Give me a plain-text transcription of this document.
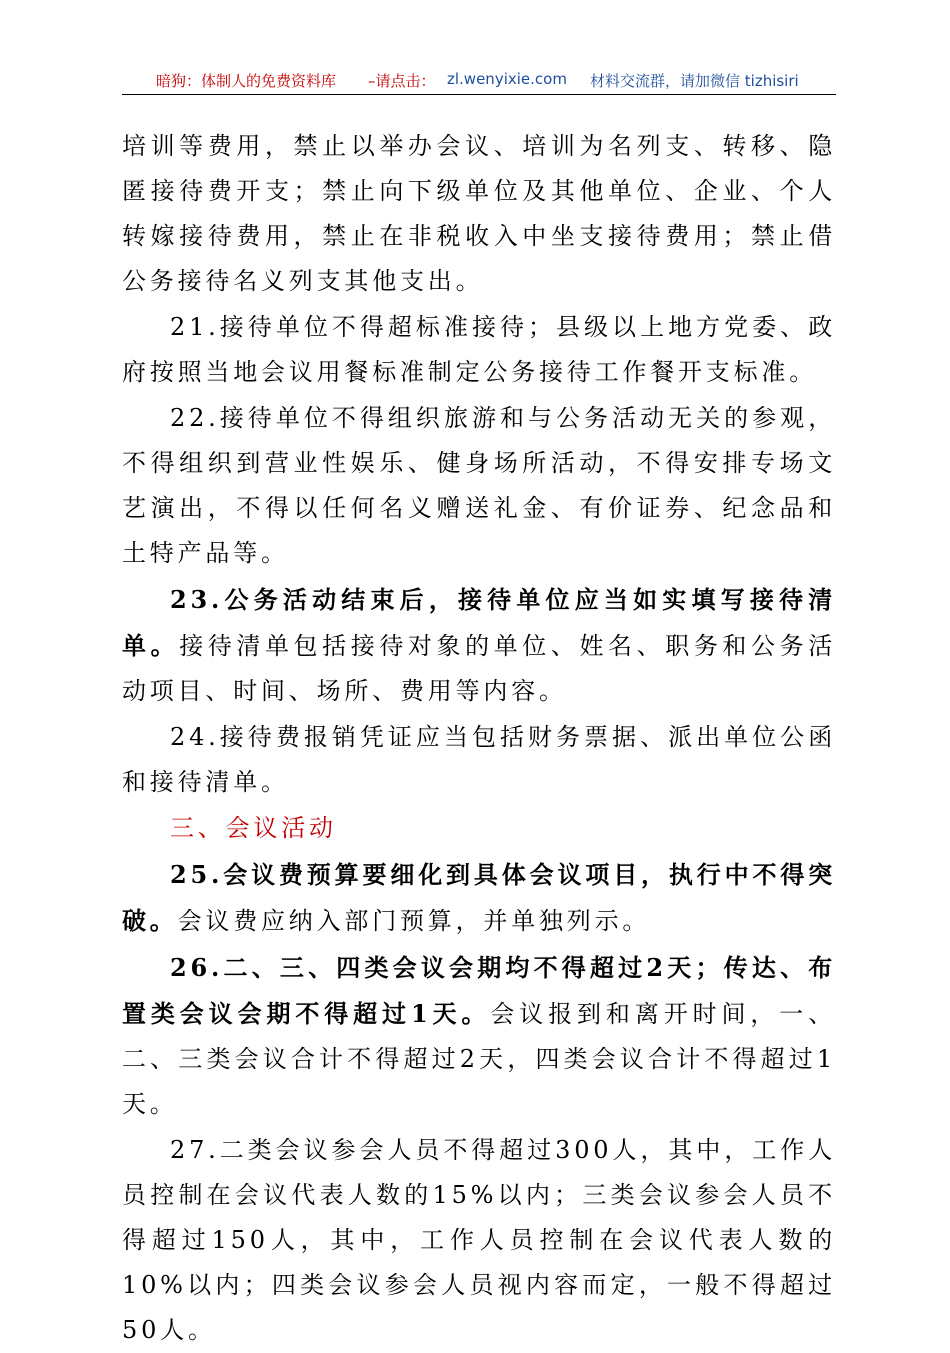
暗狗：体制人的免费资料库 –请点击： zl.wenyixie.com 材料交流群，请加微信 tizhisiri

培训等费用，禁止以举办会议、培训为名列支、转移、隐匿接待费开支；禁止向下级单位及其他单位、企业、个人转嫁接待费用，禁止在非税收入中坐支接待费用；禁止借公务接待名义列支其他支出。

21.接待单位不得超标准接待；县级以上地方党委、政府按照当地会议用餐标准制定公务接待工作餐开支标准。

22.接待单位不得组织旅游和与公务活动无关的参观，不得组织到营业性娱乐、健身场所活动，不得安排专场文艺演出，不得以任何名义赠送礼金、有价证券、纪念品和土特产品等。

23.公务活动结束后，接待单位应当如实填写接待清单。接待清单包括接待对象的单位、姓名、职务和公务活动项目、时间、场所、费用等内容。

24.接待费报销凭证应当包括财务票据、派出单位公函和接待清单。

三、会议活动

25.会议费预算要细化到具体会议项目，执行中不得突破。会议费应纳入部门预算，并单独列示。

26.二、三、四类会议会期均不得超过2天；传达、布置类会议会期不得超过1天。会议报到和离开时间，一、二、三类会议合计不得超过2天，四类会议合计不得超过1天。

27.二类会议参会人员不得超过300人，其中，工作人员控制在会议代表人数的15%以内；三类会议参会人员不得超过150人，其中，工作人员控制在会议代表人数的10%以内；四类会议参会人员视内容而定，一般不得超过50人。
